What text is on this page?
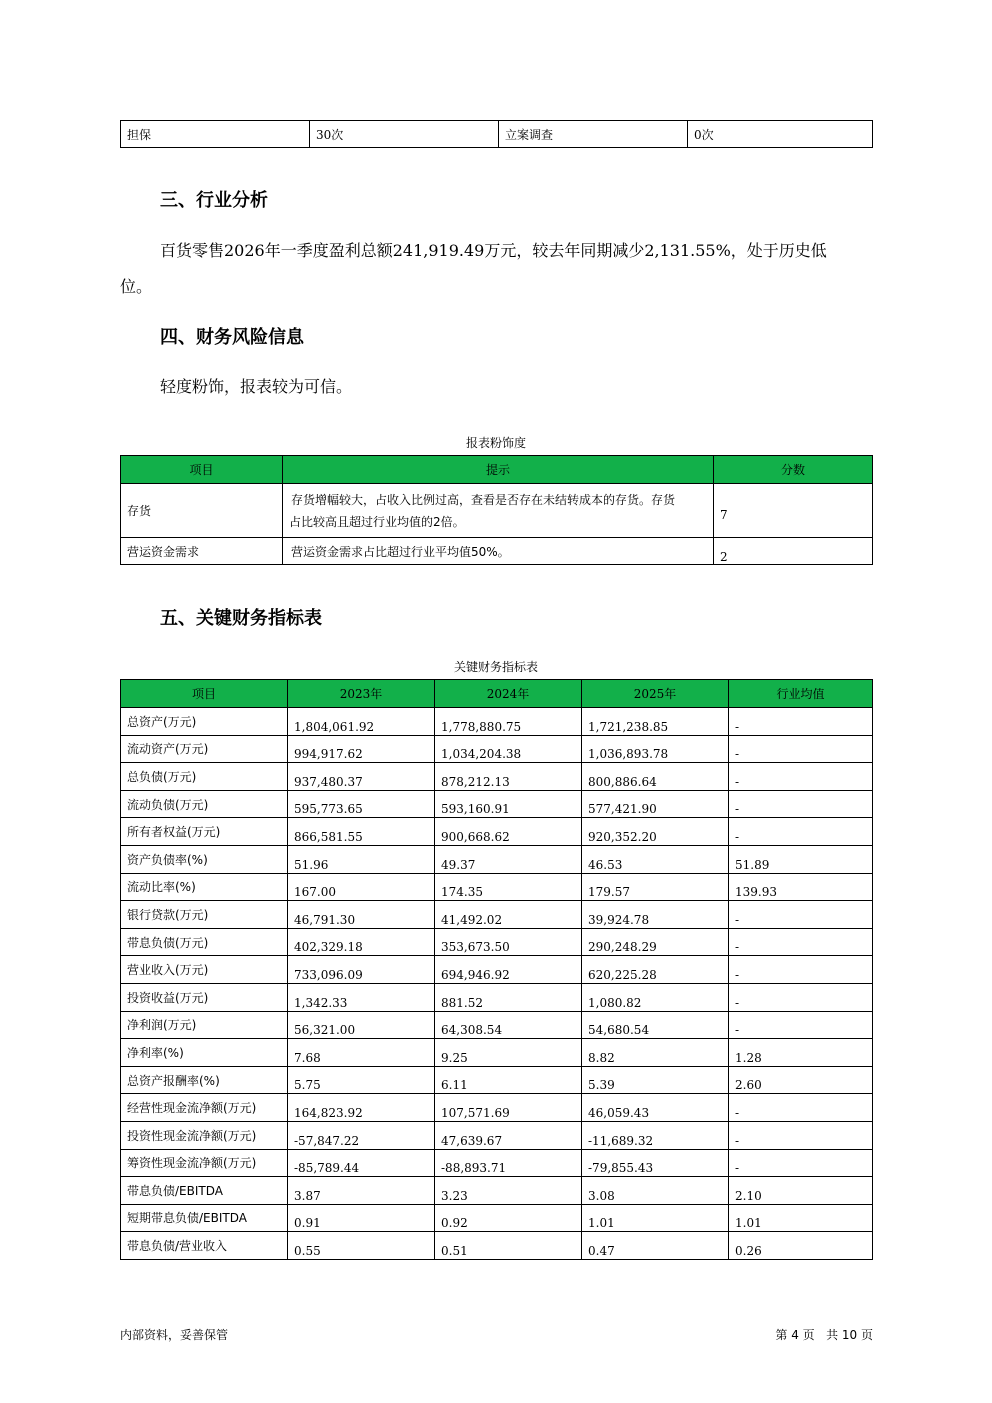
担保	30次	立案调查	0次
三、行业分析
百货零售2026年一季度盈利总额241,919.49万元，较去年同期减少2,131.55%，处于历史低
位。
四、财务风险信息
轻度粉饰，报表较为可信。
报表粉饰度
项目	提示	分数
存货	存货增幅较大，占收入比例过高，查看是否存在未结转成本的存货。存货
占比较高且超过行业均值的2倍。	7
营运资金需求	营运资金需求占比超过行业平均值50%。	2
五、关键财务指标表
关键财务指标表
项目	2023年	2024年	2025年	行业均值
总资产(万元)	1,804,061.92	1,778,880.75	1,721,238.85	-
流动资产(万元)	994,917.62	1,034,204.38	1,036,893.78	-
总负债(万元)	937,480.37	878,212.13	800,886.64	-
流动负债(万元)	595,773.65	593,160.91	577,421.90	-
所有者权益(万元)	866,581.55	900,668.62	920,352.20	-
资产负债率(%)	51.96	49.37	46.53	51.89
流动比率(%)	167.00	174.35	179.57	139.93
银行贷款(万元)	46,791.30	41,492.02	39,924.78	-
带息负债(万元)	402,329.18	353,673.50	290,248.29	-
营业收入(万元)	733,096.09	694,946.92	620,225.28	-
投资收益(万元)	1,342.33	881.52	1,080.82	-
净利润(万元)	56,321.00	64,308.54	54,680.54	-
净利率(%)	7.68	9.25	8.82	1.28
总资产报酬率(%)	5.75	6.11	5.39	2.60
经营性现金流净额(万元)	164,823.92	107,571.69	46,059.43	-
投资性现金流净额(万元)	-57,847.22	47,639.67	-11,689.32	-
筹资性现金流净额(万元)	-85,789.44	-88,893.71	-79,855.43	-
带息负债/EBITDA	3.87	3.23	3.08	2.10
短期带息负债/EBITDA	0.91	0.92	1.01	1.01
带息负债/营业收入	0.55	0.51	0.47	0.26
内部资料，妥善保管	第 4 页   共 10 页
